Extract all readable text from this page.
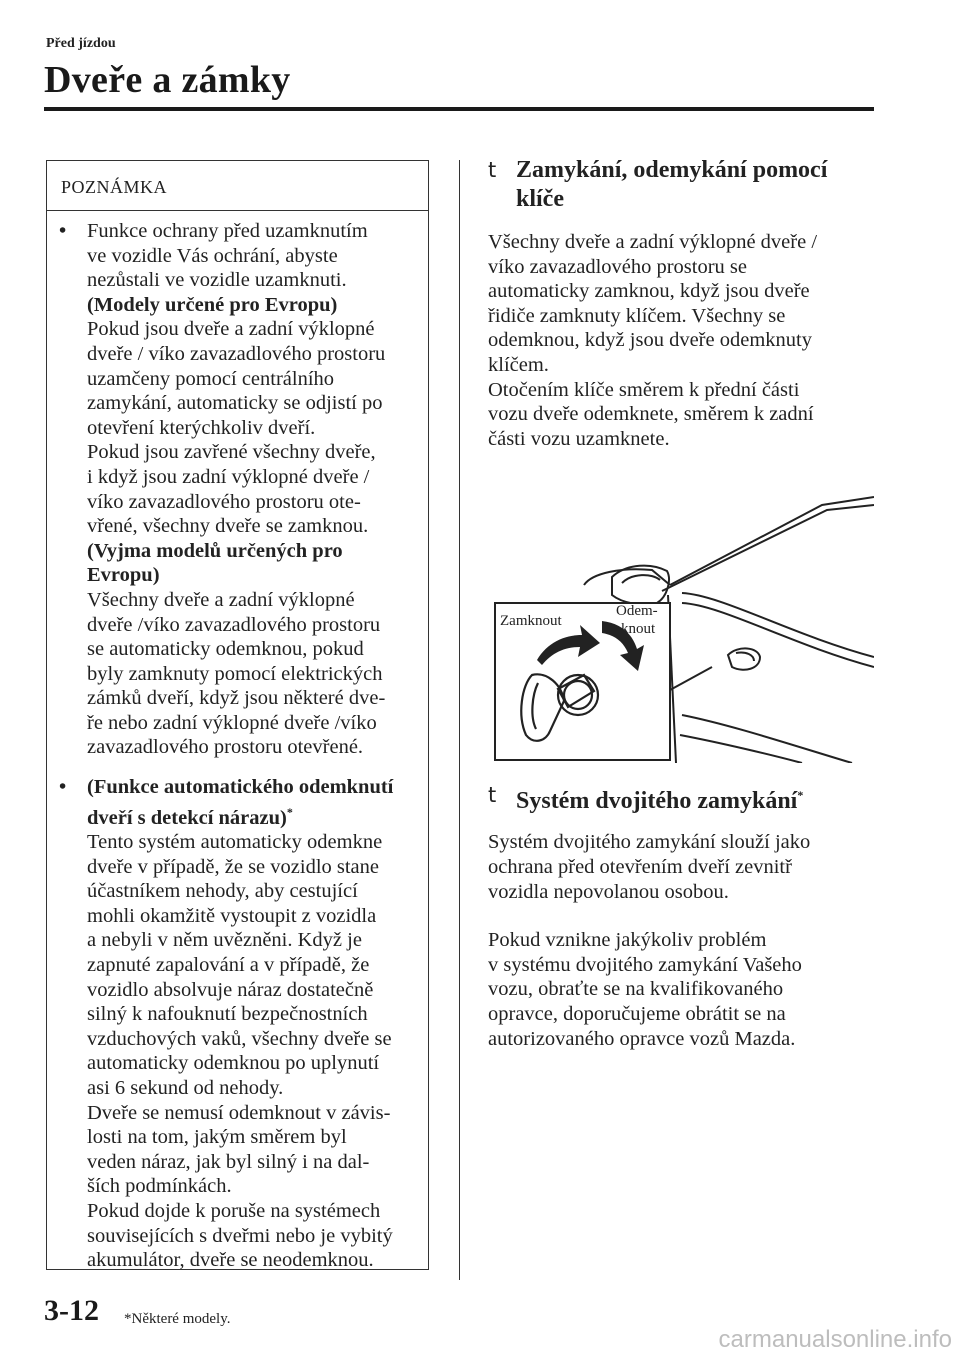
Před jízdou
Dveře a zámky
POZNÁMKA
•	Funkce ochrany před uzamknutím
ve vozidle Vás ochrání, abyste
nezůstali ve vozidle uzamknuti.
(Modely určené pro Evropu)
Pokud jsou dveře a zadní výklopné
dveře / víko zavazadlového prostoru
uzamčeny pomocí centrálního
zamykání, automaticky se odjistí po
otevření kterýchkoliv dveří.
Pokud jsou zavřené všechny dveře,
i když jsou zadní výklopné dveře /
víko zavazadlového prostoru ote-
vřené, všechny dveře se zamknou.
(Vyjma modelů určených pro
Evropu)
Všechny dveře a zadní výklopné
dveře /víko zavazadlového prostoru
se automaticky odemknou, pokud
byly zamknuty pomocí elektrických
zámků dveří, když jsou některé dve-
ře nebo zadní výklopné dveře /víko
zavazadlového prostoru otevřené.
•	(Funkce automatického odemknutí
dveří s detekcí nárazu)*
Tento systém automaticky odemkne
dveře v případě, že se vozidlo stane
účastníkem nehody, aby cestující
mohli okamžitě vystoupit z vozidla
a nebyli v něm uvězněni. Když je
zapnuté zapalování a v případě, že
vozidlo absolvuje náraz dostatečně
silný k nafouknutí bezpečnostních
vzduchových vaků, všechny dveře se
automaticky odemknou po uplynutí
asi 6 sekund od nehody.
Dveře se nemusí odemknout v závis-
losti na tom, jakým směrem byl
veden náraz, jak byl silný i na dal-
ších podmínkách.
Pokud dojde k poruše na systémech
souvisejících s dveřmi nebo je vybitý
akumulátor, dveře se neodemknou.
t Zamykání, odemykání pomocí
klíče
Všechny dveře a zadní výklopné dveře /
víko zavazadlového prostoru se
automaticky zamknou, když jsou dveře
řidiče zamknuty klíčem. Všechny se
odemknou, když jsou dveře odemknuty
klíčem.
Otočením klíče směrem k přední části
vozu dveře odemknete, směrem k zadní
části vozu uzamknete.
t Systém dvojitého zamykání*
Systém dvojitého zamykání slouží jako
ochrana před otevřením dveří zevnitř
vozidla nepovolanou osobou.
Pokud vznikne jakýkoliv problém
v systému dvojitého zamykání Vašeho
vozu, obraťte se na kvalifikovaného
opravce, doporučujeme obrátit se na
autorizovaného opravce vozů Mazda.
Zamknout
Odem-
knout
3-12 *Některé modely.
carmanualsonline.info
